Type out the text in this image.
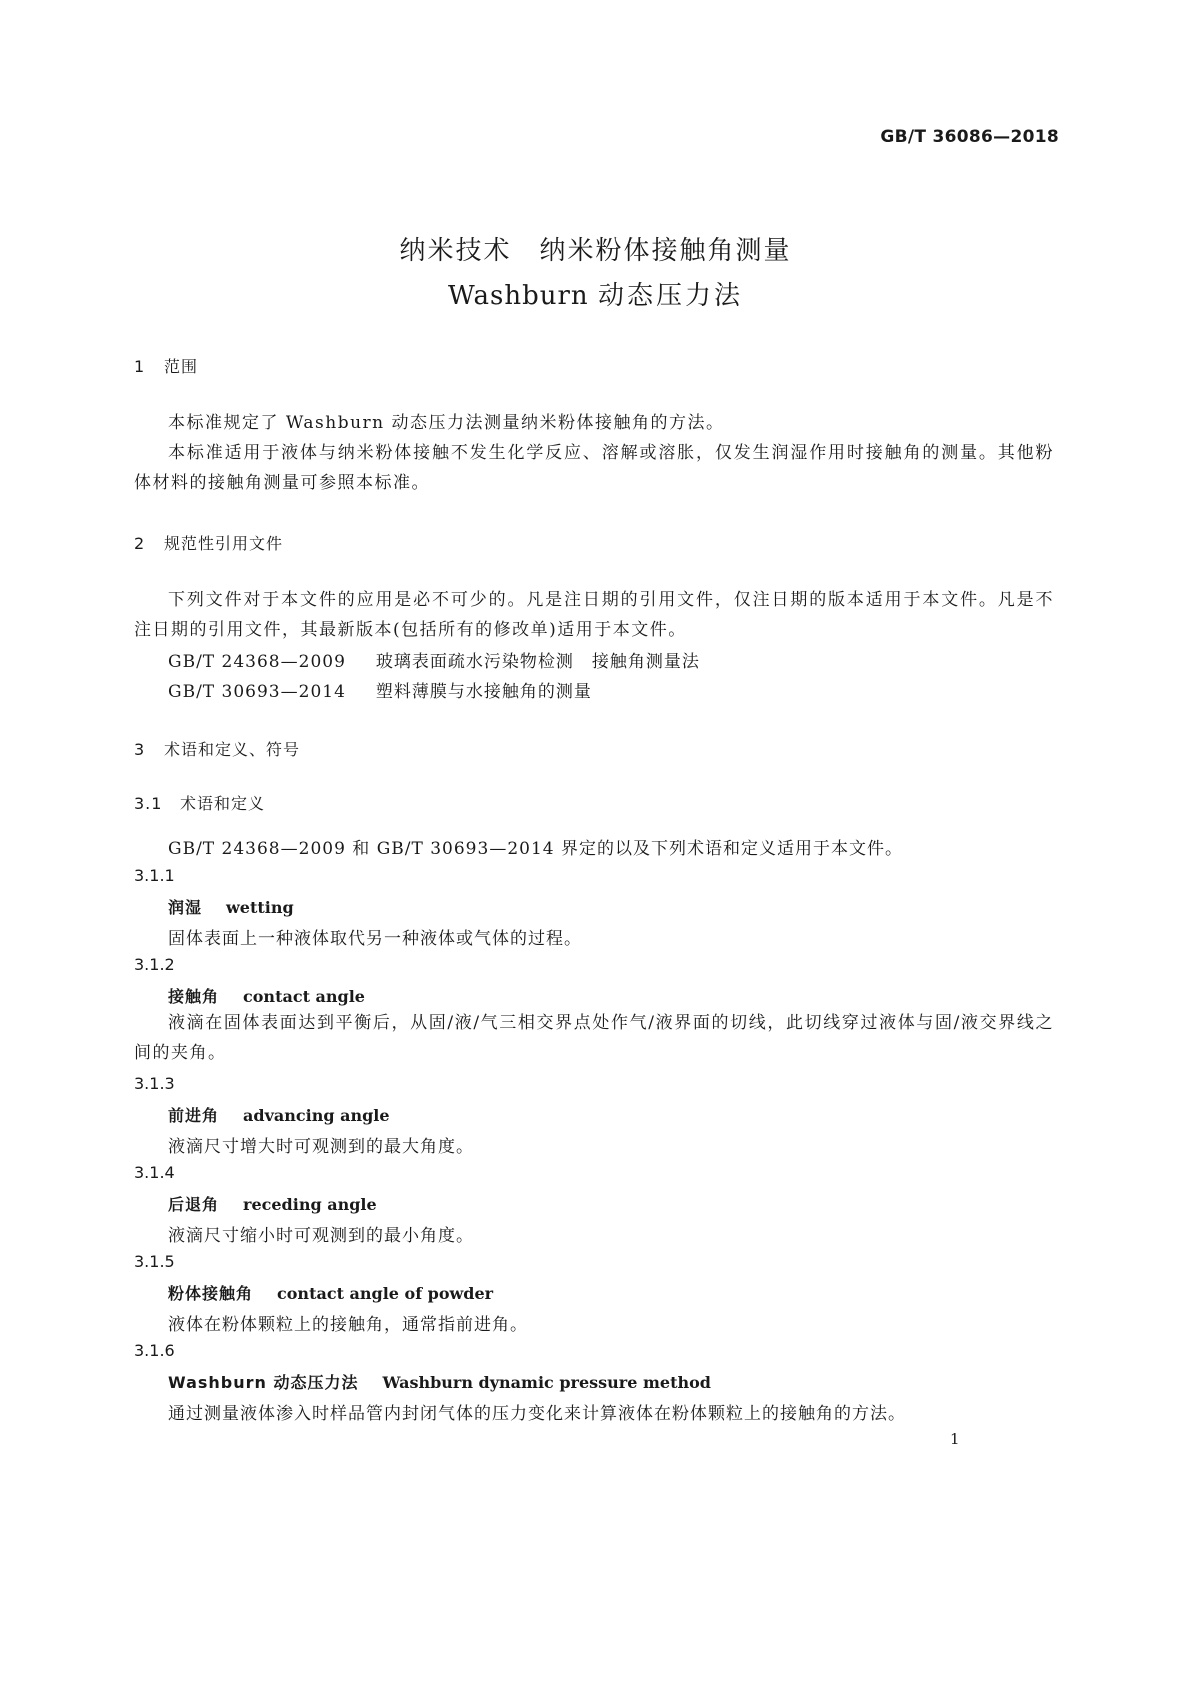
GB/T 36086—2018
纳米技术　纳米粉体接触角测量
Washburn 动态压力法
1 范围
本标准规定了 Washburn 动态压力法测量纳米粉体接触角的方法。
本标准适用于液体与纳米粉体接触不发生化学反应、溶解或溶胀，仅发生润湿作用时接触角的测量。其他粉体材料的接触角测量可参照本标准。
2 规范性引用文件
下列文件对于本文件的应用是必不可少的。凡是注日期的引用文件，仅注日期的版本适用于本文件。凡是不注日期的引用文件，其最新版本(包括所有的修改单)适用于本文件。
GB/T 24368—2009 玻璃表面疏水污染物检测　接触角测量法
GB/T 30693—2014 塑料薄膜与水接触角的测量
3 术语和定义、符号
3.1 术语和定义
GB/T 24368—2009 和 GB/T 30693—2014 界定的以及下列术语和定义适用于本文件。
3.1.1
润湿 wetting
固体表面上一种液体取代另一种液体或气体的过程。
3.1.2
接触角 contact angle
液滴在固体表面达到平衡后，从固/液/气三相交界点处作气/液界面的切线，此切线穿过液体与固/液交界线之间的夹角。
3.1.3
前进角 advancing angle
液滴尺寸增大时可观测到的最大角度。
3.1.4
后退角 receding angle
液滴尺寸缩小时可观测到的最小角度。
3.1.5
粉体接触角 contact angle of powder
液体在粉体颗粒上的接触角，通常指前进角。
3.1.6
Washburn 动态压力法 Washburn dynamic pressure method
通过测量液体渗入时样品管内封闭气体的压力变化来计算液体在粉体颗粒上的接触角的方法。
1
